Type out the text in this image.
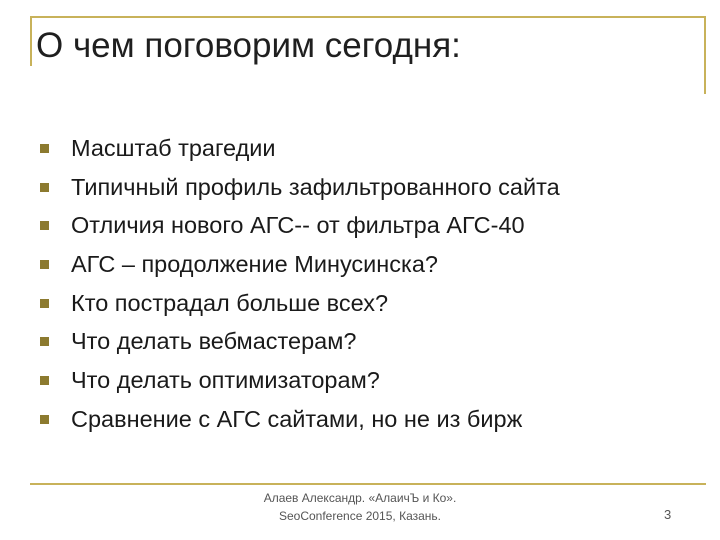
О чем поговорим сегодня:
Масштаб трагедии
Типичный профиль зафильтрованного сайта
Отличия нового АГС-- от фильтра АГС-40
АГС – продолжение Минусинска?
Кто пострадал больше всех?
Что делать вебмастерам?
Что делать оптимизаторам?
Сравнение с АГС сайтами, но не из бирж
Алаев Александр. «АлаичЪ и Ко».
SeoConference 2015, Казань.	3
